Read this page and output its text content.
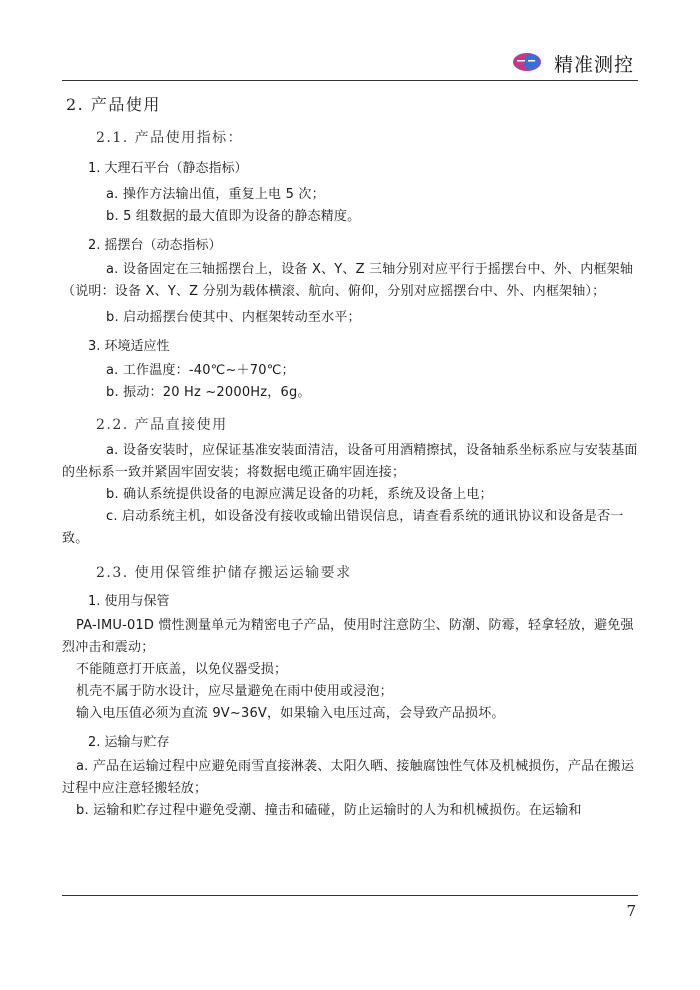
精准测控
2. 产品使用
2.1. 产品使用指标：
1. 大理石平台（静态指标）
a. 操作方法输出值，重复上电 5 次；
b. 5 组数据的最大值即为设备的静态精度。
2. 摇摆台（动态指标）
a. 设备固定在三轴摇摆台上，设备 X、Y、Z 三轴分别对应平行于摇摆台中、外、内框架轴（说明：设备 X、Y、Z 分别为载体横滚、航向、俯仰，分别对应摇摆台中、外、内框架轴）；
b. 启动摇摆台使其中、内框架转动至水平；
3. 环境适应性
a. 工作温度：-40℃~＋70℃；
b. 振动：20 Hz ~2000Hz，6g。
2.2. 产品直接使用
a. 设备安装时，应保证基准安装面清洁，设备可用酒精擦拭，设备轴系坐标系应与安装基面的坐标系一致并紧固牢固安装；将数据电缆正确牢固连接；
b. 确认系统提供设备的电源应满足设备的功耗，系统及设备上电；
c. 启动系统主机，如设备没有接收或输出错误信息，请查看系统的通讯协议和设备是否一致。
2.3. 使用保管维护储存搬运运输要求
1. 使用与保管
PA-IMU-01D 惯性测量单元为精密电子产品，使用时注意防尘、防潮、防霉，轻拿轻放，避免强烈冲击和震动；
不能随意打开底盖，以免仪器受损；
机壳不属于防水设计，应尽量避免在雨中使用或浸泡；
输入电压值必须为直流 9V~36V，如果输入电压过高，会导致产品损坏。
2. 运输与贮存
a. 产品在运输过程中应避免雨雪直接淋袭、太阳久晒、接触腐蚀性气体及机械损伤，产品在搬运过程中应注意轻搬轻放；
b. 运输和贮存过程中避免受潮、撞击和磕碰，防止运输时的人为和机械损伤。在运输和
7
